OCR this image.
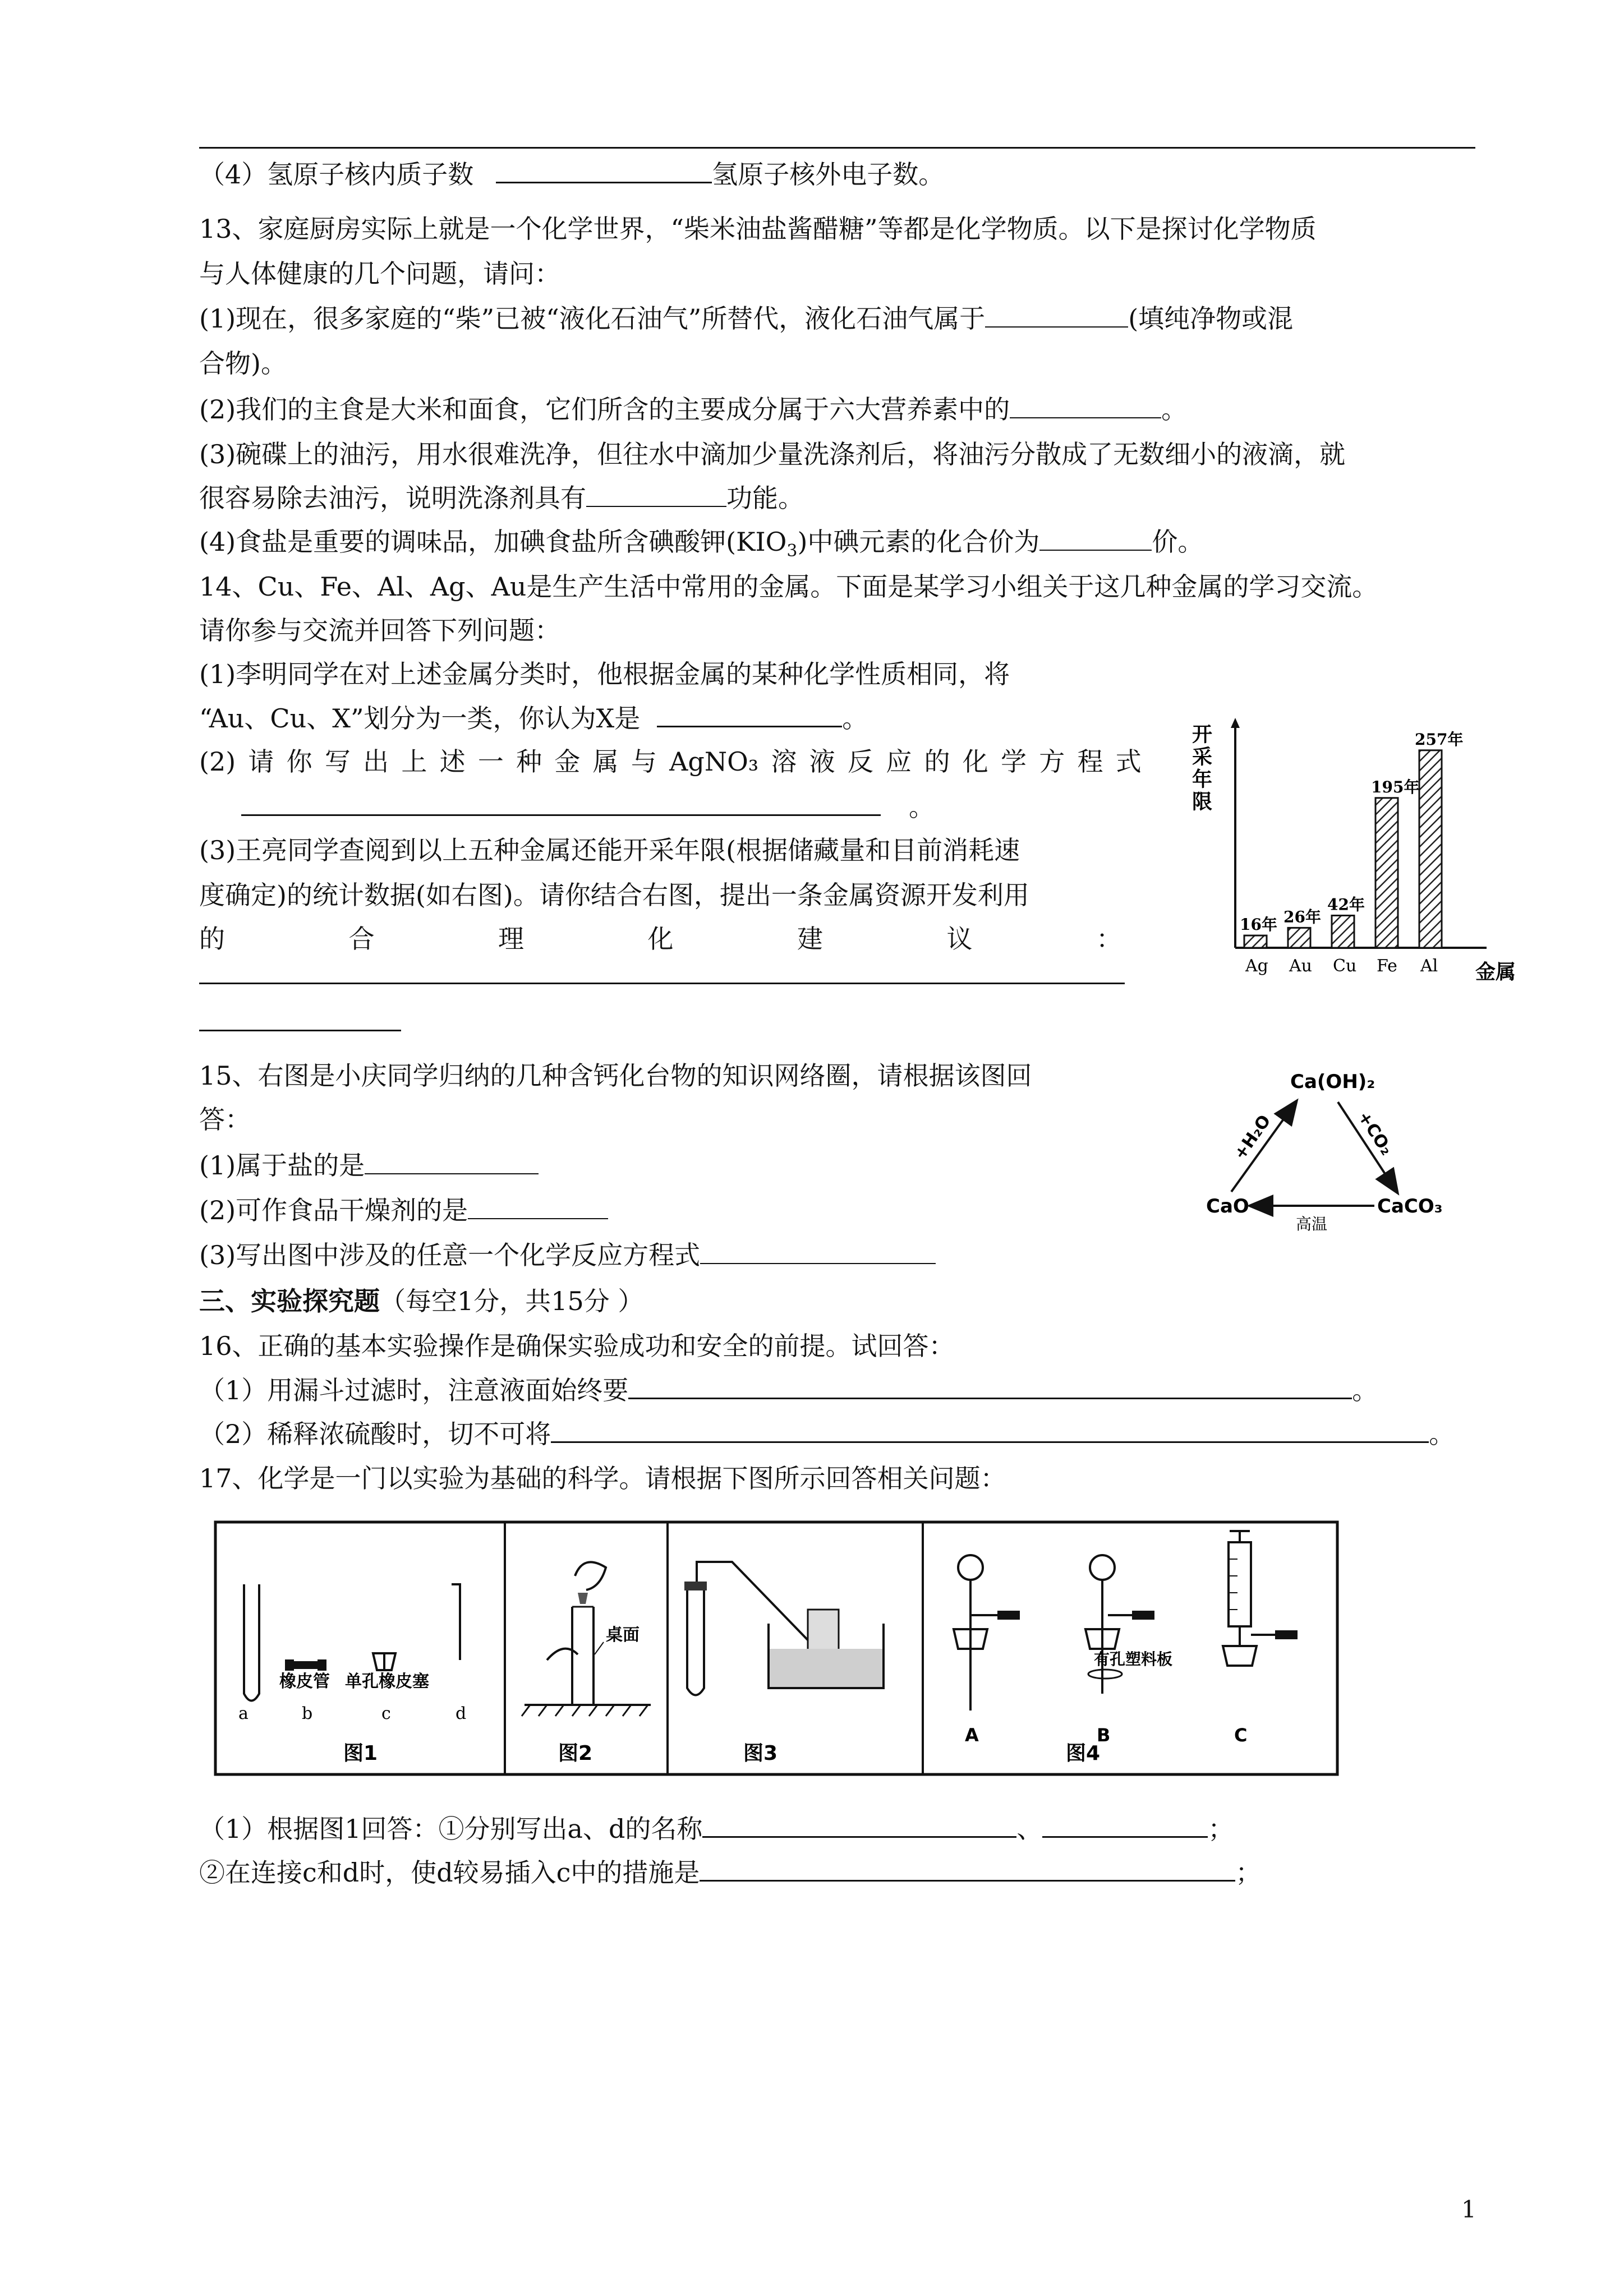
（4）氢原子核内质子数	氢原子核外电子数。
13、家庭厨房实际上就是一个化学世界，“柴米油盐酱醋糖”等都是化学物质。以下是探讨化学物质
与人体健康的几个问题，请问：
(1)现在，很多家庭的“柴”已被“液化石油气”所替代，液化石油气属于	(填纯净物或混
合物)。
(2)我们的主食是大米和面食，它们所含的主要成分属于六大营养素中的	。
(3)碗碟上的油污，用水很难洗净，但往水中滴加少量洗涤剂后，将油污分散成了无数细小的液滴，就
很容易除去油污，说明洗涤剂具有	功能。
(4)食盐是重要的调味品，加碘食盐所含碘酸钾$(KIO_3)$中碘元素的化合价为	价。
14、Cu、Fe、Al、Ag、Au是生产生活中常用的金属。下面是某学习小组关于这几种金属的学习交流。
请你参与交流并回答下列问题：
(1)李明同学在对上述金属分类时，他根据金属的某种化学性质相同，将
“Au、Cu、X”划分为一类，你认为X是	。
(2) 请 你 写 出 上 述 一 种 金 属 与 AgNO₃ 溶 液 反 应 的 化 学 方 程 式
。
(3)王亮同学查阅到以上五种金属还能开采年限(根据储藏量和目前消耗速
度确定)的统计数据(如右图)。请你结合右图，提出一条金属资源开发利用
的	合	理	化	建	议	：
开采年限
金属
16年
Ag
26年
Au
42年
Cu
195年
Fe
257年
Al
15、右图是小庆同学归纳的几种含钙化台物的知识网络圈，请根据该图回
答：
(1)属于盐的是
(2)可作食品干燥剂的是
(3)写出图中涉及的任意一个化学反应方程式
Ca(OH)₂
CaO	CaCO₃
+H₂O	+CO₂
高温
三、实验探究题（每空1分，共15分 ）
16、正确的基本实验操作是确保实验成功和安全的前提。试回答：
（1）用漏斗过滤时，注意液面始终要	。
（2）稀释浓硫酸时，切不可将	。
17、化学是一门以实验为基础的科学。请根据下图所示回答相关问题：
橡皮管 单孔橡皮塞
a	b	c	d
图1
桌面
图2	图3
A
有孔塑料板
B	C
图4
（1）根据图1回答：①分别写出a、d的名称	、	；
②在连接c和d时，使d较易插入c中的措施是	；
1
